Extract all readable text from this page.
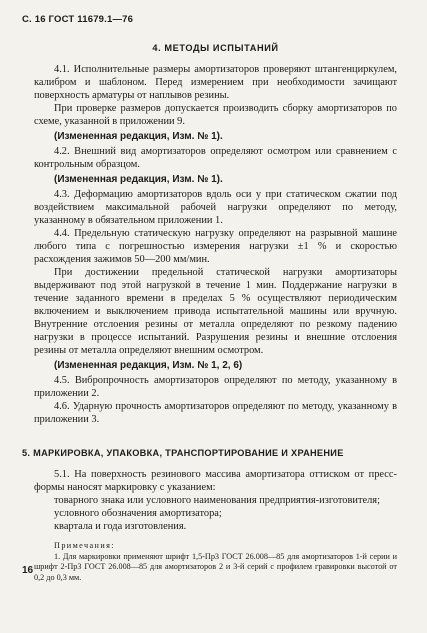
С. 16 ГОСТ 11679.1—76
4. МЕТОДЫ ИСПЫТАНИЙ

4.1. Исполнительные размеры амортизаторов проверяют штангенциркулем, калибром и шаблоном. Перед измерением при необходимости зачищают поверхность арматуры от наплывов резины.

При проверке размеров допускается производить сборку амортизаторов по схеме, указанной в приложении 9.

(Измененная редакция, Изм. № 1).

4.2. Внешний вид амортизаторов определяют осмотром или сравнением с контрольным образцом.

(Измененная редакция, Изм. № 1).

4.3. Деформацию амортизаторов вдоль оси y при статическом сжатии под воздействием максимальной рабочей нагрузки определяют по методу, указанному в обязательном приложении 1.

4.4. Предельную статическую нагрузку определяют на разрывной машине любого типа с погрешностью измерения нагрузки ±1 % и скоростью расхождения зажимов 50—200 мм/мин.

При достижении предельной статической нагрузки амортизаторы выдерживают под этой нагрузкой в течение 1 мин. Поддержание нагрузки в течение заданного времени в пределах 5 % осуществляют периодическим включением и выключением привода испытательной машины или вручную. Внутренние отслоения резины от металла определяют по резкому падению нагрузки в процессе испытаний. Разрушения резины и внешние отслоения резины от металла определяют внешним осмотром.

(Измененная редакция, Изм. № 1, 2, 6)

4.5. Вибропрочность амортизаторов определяют по методу, указанному в приложении 2.

4.6. Ударную прочность амортизаторов определяют по методу, указанному в приложении 3.

5. МАРКИРОВКА, УПАКОВКА, ТРАНСПОРТИРОВАНИЕ И ХРАНЕНИЕ

5.1. На поверхность резинового массива амортизатора оттиском от пресс-формы наносят маркировку с указанием:

товарного знака или условного наименования предприятия-изготовителя;

условного обозначения амортизатора;

квартала и года изготовления.

Примечания:

1. Для маркировки применяют шрифт 1,5-Пр3 ГОСТ 26.008—85 для амортизаторов 1-й серии и шрифт 2-Пр3 ГОСТ 26.008—85 для амортизаторов 2 и 3-й серий с профилем гравировки высотой от 0,2 до 0,3 мм.

16
